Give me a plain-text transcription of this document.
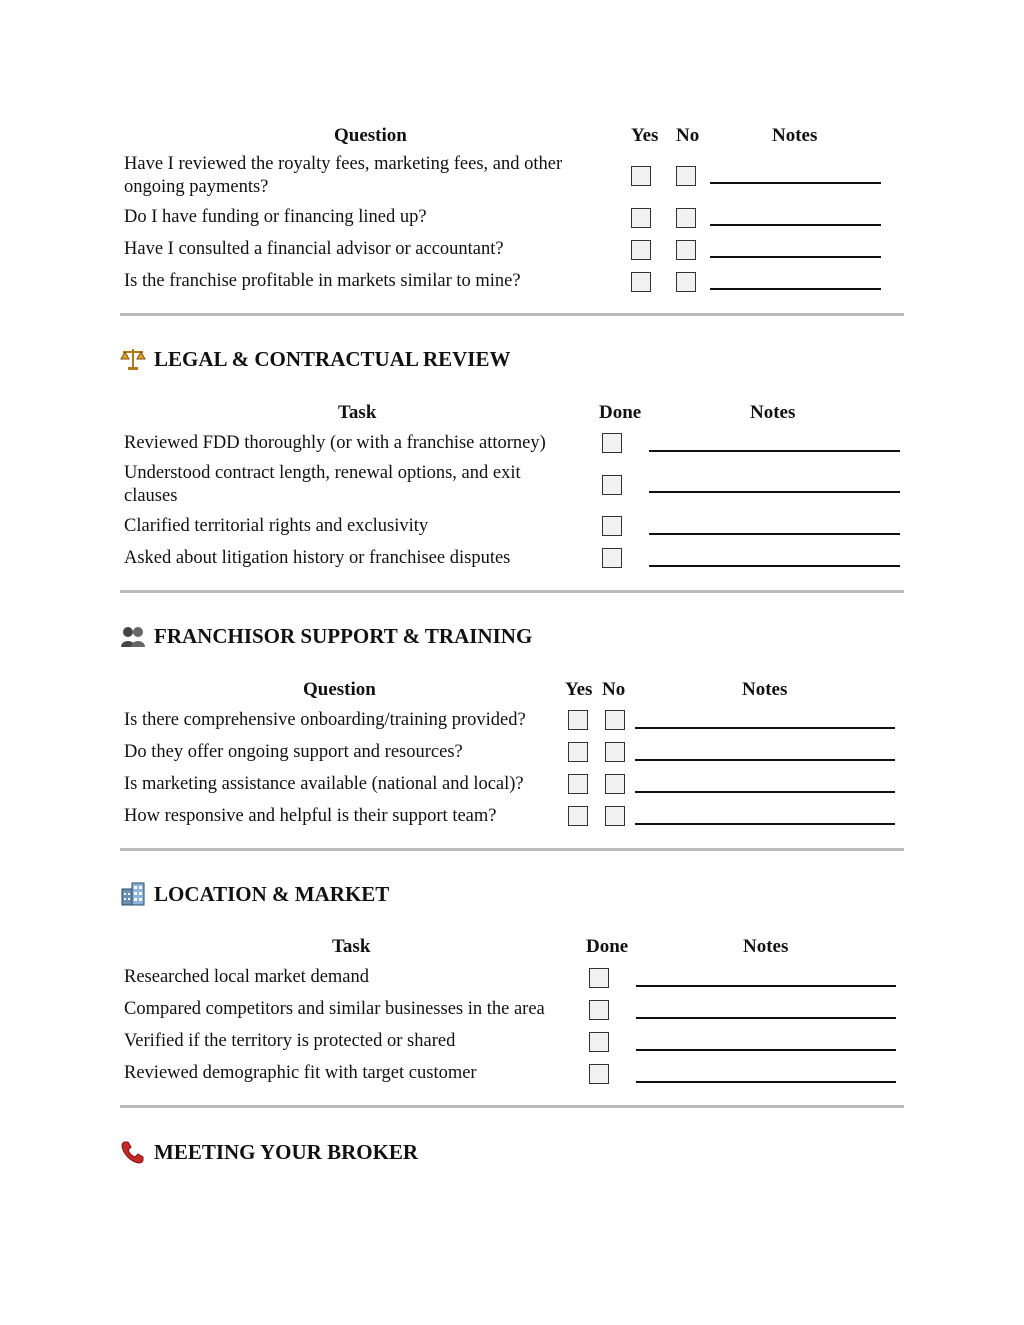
Question	Yes No	Notes
Have I reviewed the royalty fees, marketing fees, and other
ongoing payments?
Do I have funding or financing lined up?
Have I consulted a financial advisor or accountant?
Is the franchise profitable in markets similar to mine?
LEGAL & CONTRACTUAL REVIEW
Task	Done	Notes
Reviewed FDD thoroughly (or with a franchise attorney)
Understood contract length, renewal options, and exit
clauses
Clarified territorial rights and exclusivity
Asked about litigation history or franchisee disputes
FRANCHISOR SUPPORT & TRAINING
Question	Yes No	Notes
Is there comprehensive onboarding/training provided?
Do they offer ongoing support and resources?
Is marketing assistance available (national and local)?
How responsive and helpful is their support team?
LOCATION & MARKET
Task	Done	Notes
Researched local market demand
Compared competitors and similar businesses in the area
Verified if the territory is protected or shared
Reviewed demographic fit with target customer
MEETING YOUR BROKER
